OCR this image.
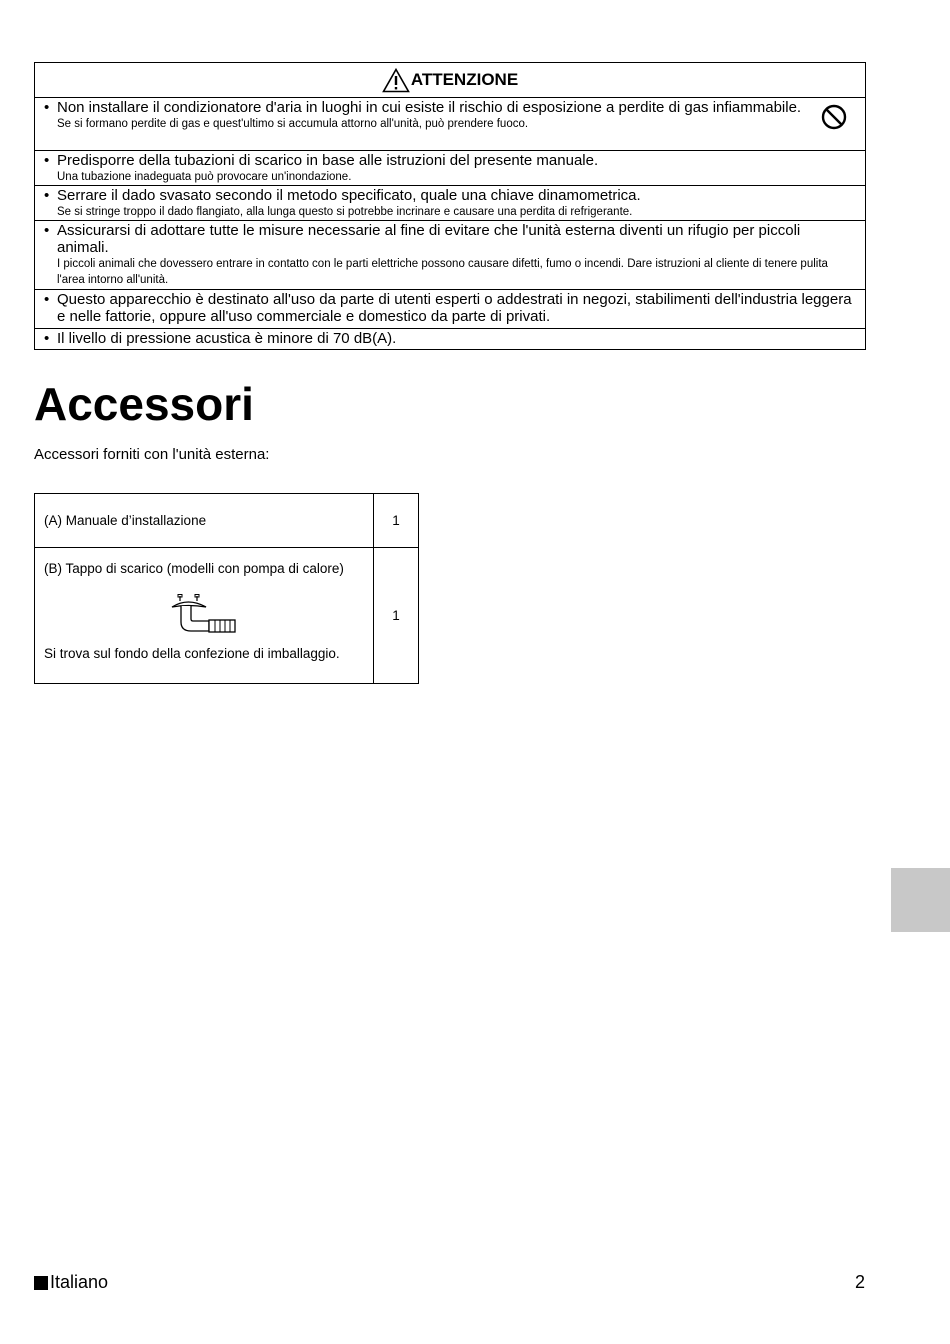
ATTENZIONE
• Non installare il condizionatore d'aria in luoghi in cui esiste il rischio di esposizione a perdite di gas infiammabile.
Se si formano perdite di gas e quest'ultimo si accumula attorno all'unità, può prendere fuoco.
• Predisporre della tubazioni di scarico in base alle istruzioni del presente manuale.
Una tubazione inadeguata può provocare un'inondazione.
• Serrare il dado svasato secondo il metodo specificato, quale una chiave dinamometrica.
Se si stringe troppo il dado flangiato, alla lunga questo si potrebbe incrinare e causare una perdita di refrigerante.
• Assicurarsi di adottare tutte le misure necessarie al fine di evitare che l'unità esterna diventi un rifugio per piccoli animali.
I piccoli animali che dovessero entrare in contatto con le parti elettriche possono causare difetti, fumo o incendi. Dare istruzioni al cliente di tenere pulita l'area intorno all'unità.
• Questo apparecchio è destinato all'uso da parte di utenti esperti o addestrati in negozi, stabilimenti dell'industria leggera e nelle fattorie, oppure all'uso commerciale e domestico da parte di privati.
• Il livello di pressione acustica è minore di 70 dB(A).
Accessori

Accessori forniti con l'unità esterna:

(A) Manuale d’installazione	1
(B) Tappo di scarico (modelli con pompa di calore)
Si trova sul fondo della confezione di imballaggio.
1
Italiano	2
